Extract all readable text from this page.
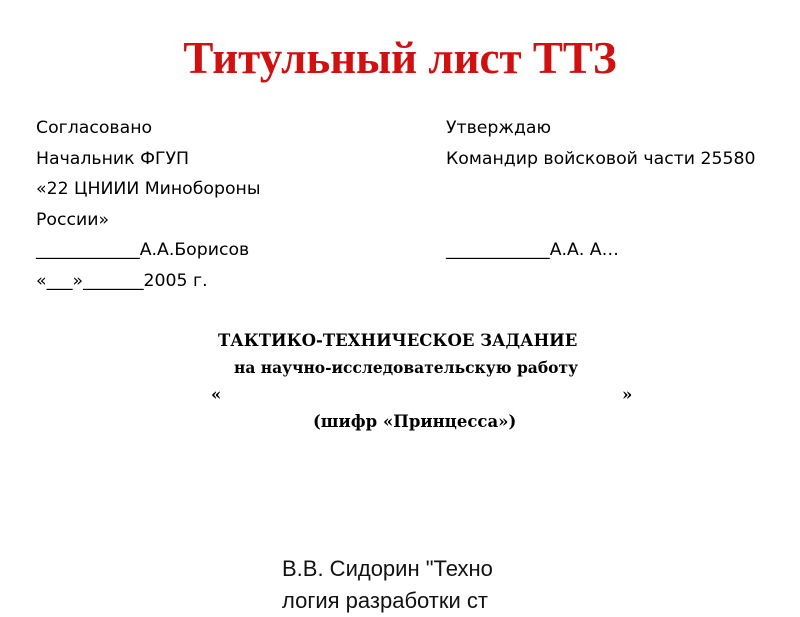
Титульный лист ТТЗ
Согласовано
Начальник ФГУП
«22 ЦНИИИ Минобороны
России»
____________А.А.Борисов
«___»_______2005 г.
Утверждаю
Командир войсковой части 25580
____________А.А. А…
ТАКТИКО-ТЕХНИЧЕСКОЕ ЗАДАНИЕ
на научно-исследовательскую работу
«	»
(шифр «Принцесса»)
В.В. Сидорин "Техно
логия разработки ст
